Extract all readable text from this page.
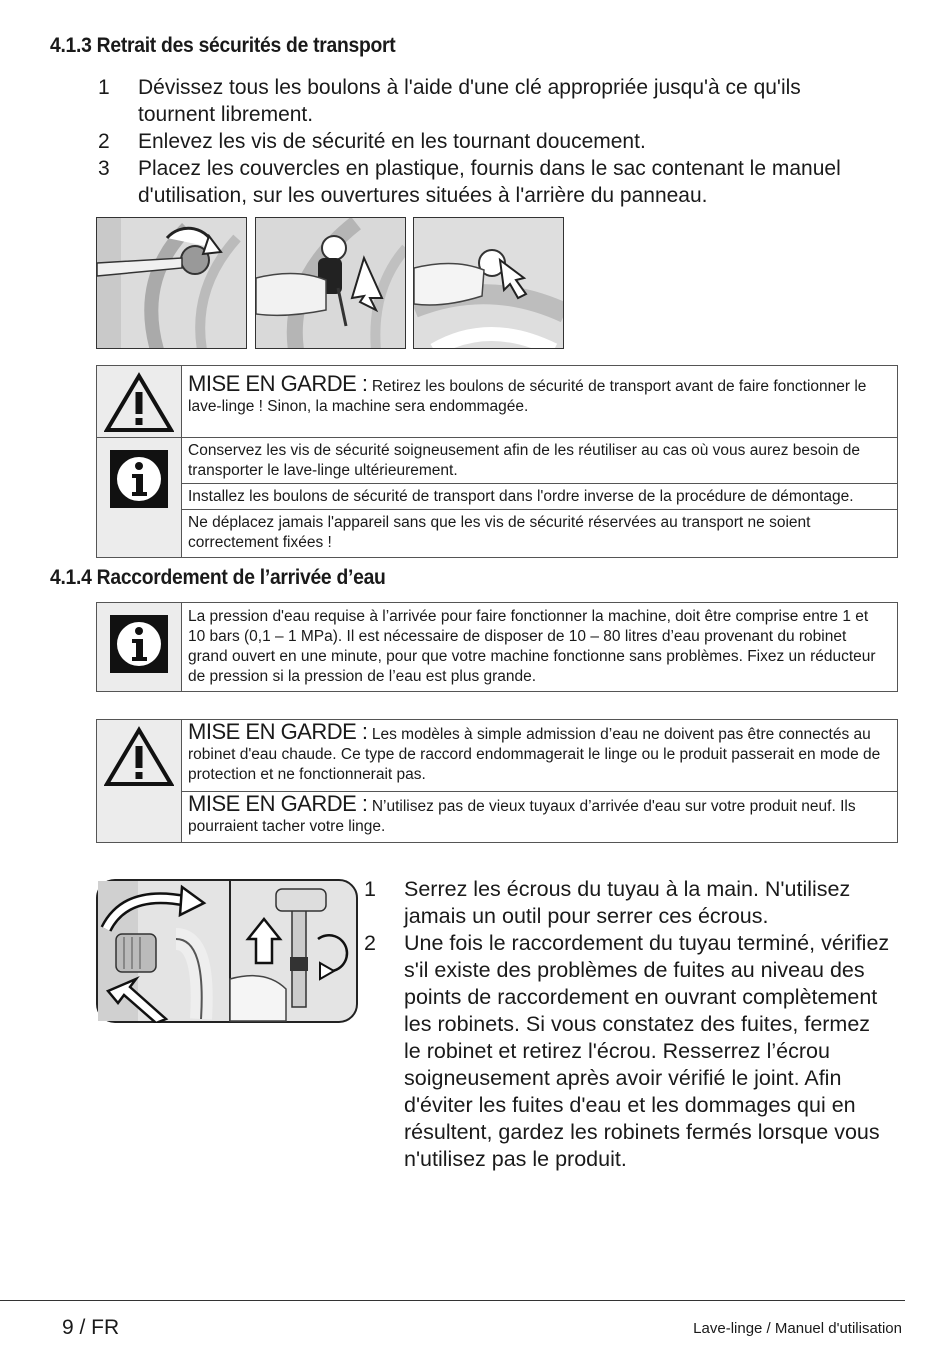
4.1.3 Retrait des sécurités de transport
1	Dévissez tous les boulons à l'aide d'une clé appropriée jusqu'à ce qu'ils tournent librement.
2	Enlevez les vis de sécurité en les tournant doucement.
3	Placez les couvercles en plastique, fournis dans le sac contenant le manuel d'utilisation, sur les ouvertures situées à l'arrière du panneau.
MISE EN GARDE : Retirez les boulons de sécurité de transport avant de faire fonctionner le lave-linge ! Sinon, la machine sera endommagée.
Conservez les vis de sécurité soigneusement afin de les réutiliser au cas où vous aurez besoin de transporter le lave-linge ultérieurement.
Installez les boulons de sécurité de transport dans l'ordre inverse de la procédure de démontage.
Ne déplacez jamais l'appareil sans que les vis de sécurité réservées au transport ne soient correctement fixées !
4.1.4 Raccordement de l’arrivée d’eau
La pression d'eau requise à l’arrivée pour faire fonctionner la machine, doit être comprise entre 1 et 10 bars (0,1 – 1 MPa). Il est nécessaire de disposer de 10 – 80 litres d’eau provenant du robinet grand ouvert en une minute, pour que votre machine fonctionne sans problèmes. Fixez un réducteur de pression si la pression de l’eau est plus grande.
MISE EN GARDE : Les modèles à simple admission d’eau ne doivent pas être connectés au robinet d'eau chaude. Ce type de raccord endommagerait le linge ou le produit passerait en mode de protection et ne fonctionnerait pas.
MISE EN GARDE : N’utilisez pas de vieux tuyaux d’arrivée d'eau sur votre produit neuf. Ils pourraient tacher votre linge.
1	Serrez les écrous du tuyau à la main. N'utilisez jamais un outil pour serrer ces écrous.
2	Une fois le raccordement du tuyau terminé, vérifiez s'il existe des problèmes de fuites au niveau des points de raccordement en ouvrant complètement les robinets. Si vous constatez des fuites, fermez le robinet et retirez l'écrou. Resserrez l’écrou soigneusement après avoir vérifié le joint. Afin d'éviter les fuites d'eau et les dommages qui en résultent, gardez les robinets fermés lorsque vous n'utilisez pas le produit.
9 / FR	Lave-linge / Manuel d'utilisation
